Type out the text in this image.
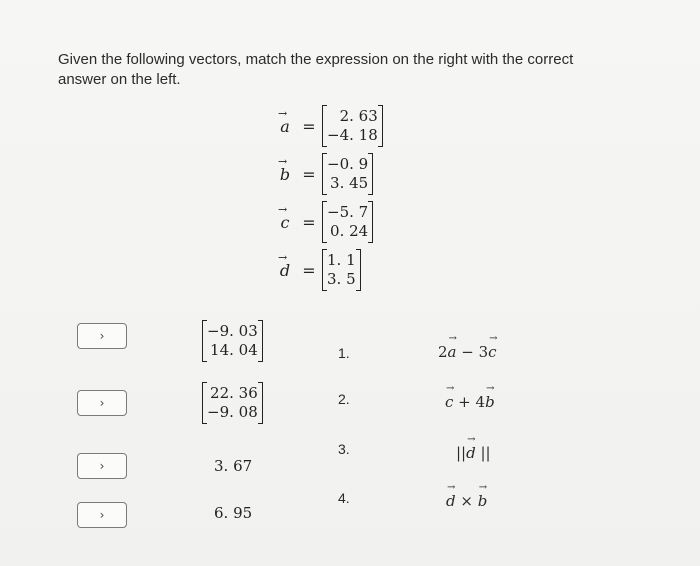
Given the following vectors, match the expression on the right with the correct answer on the left.
→
a =
2. 63
−4. 18
→
b =
−0. 9
3. 45
→
c =
−5. 7
0. 24
→
d =
1. 1
3. 5
›
›
›
›
−9. 03
14. 04
22. 36
−9. 08
3. 67
6. 95
1.
2.
3.
4.
2
→
a − 3
→
c
→
c + 4
→
b
||
→
d ||
→
d ×
→
b
